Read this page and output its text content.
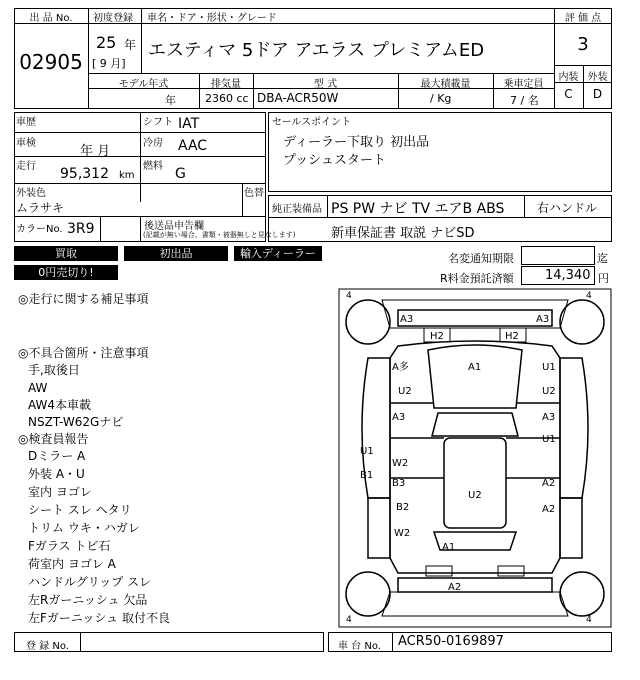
出 品 No.
02905
初度登録 車名・ドア・形状・グレード
25 年
[ 9 月]
エスティマ 5ドア アエラス プレミアムED
モデル年式	排気量	型 式	最大積載量	乗車定員
年	2360 cc DBA-ACR50W	/ Kg	7 / 名
評 価 点
3
内装 外装
C	D
車歴	シフト IAT
車検
年 月
冷房 AAC
走行 95,312 km
燃料 G
外装色
ムラサキ
色替
カラーNo. 3R9	後送品申告欄
(記載が無い場合、書類・被器無しと見なします)
セールスポイント
ディーラー下取り 初出品
プッシュスタート
純正装備品 PS PW ナビ TV エアB ABS	右ハンドル
新車保証書 取説 ナビSD
買取	初出品	輸入ディーラー
0円売切り!
名変通知期限	迄
R料金預託済額 14,340 円
◎走行に関する補足事項
◎不具合箇所・注意事項
手,取後日
AW
AW4本車載
NSZT-W62Gナビ
◎検査員報告
Dミラー A
外装 A・U
室内 ヨゴレ
シート スレ ヘタリ
トリム ウキ・ハガレ
Fガラス トビ石
荷室内 ヨゴレ A
ハンドルグリップ スレ
左Rガーニッシュ 欠品
左Fガーニッシュ 取付不良
4	4
4	4
A3	A3
H2	H2
A多
U2
A1	U1
U2
A3	A3
U1
U1
B1
W2
B3	A2
U2
B2
W2
A2
A1
A2
登 録 No.	車 台 No. ACR50-0169897
